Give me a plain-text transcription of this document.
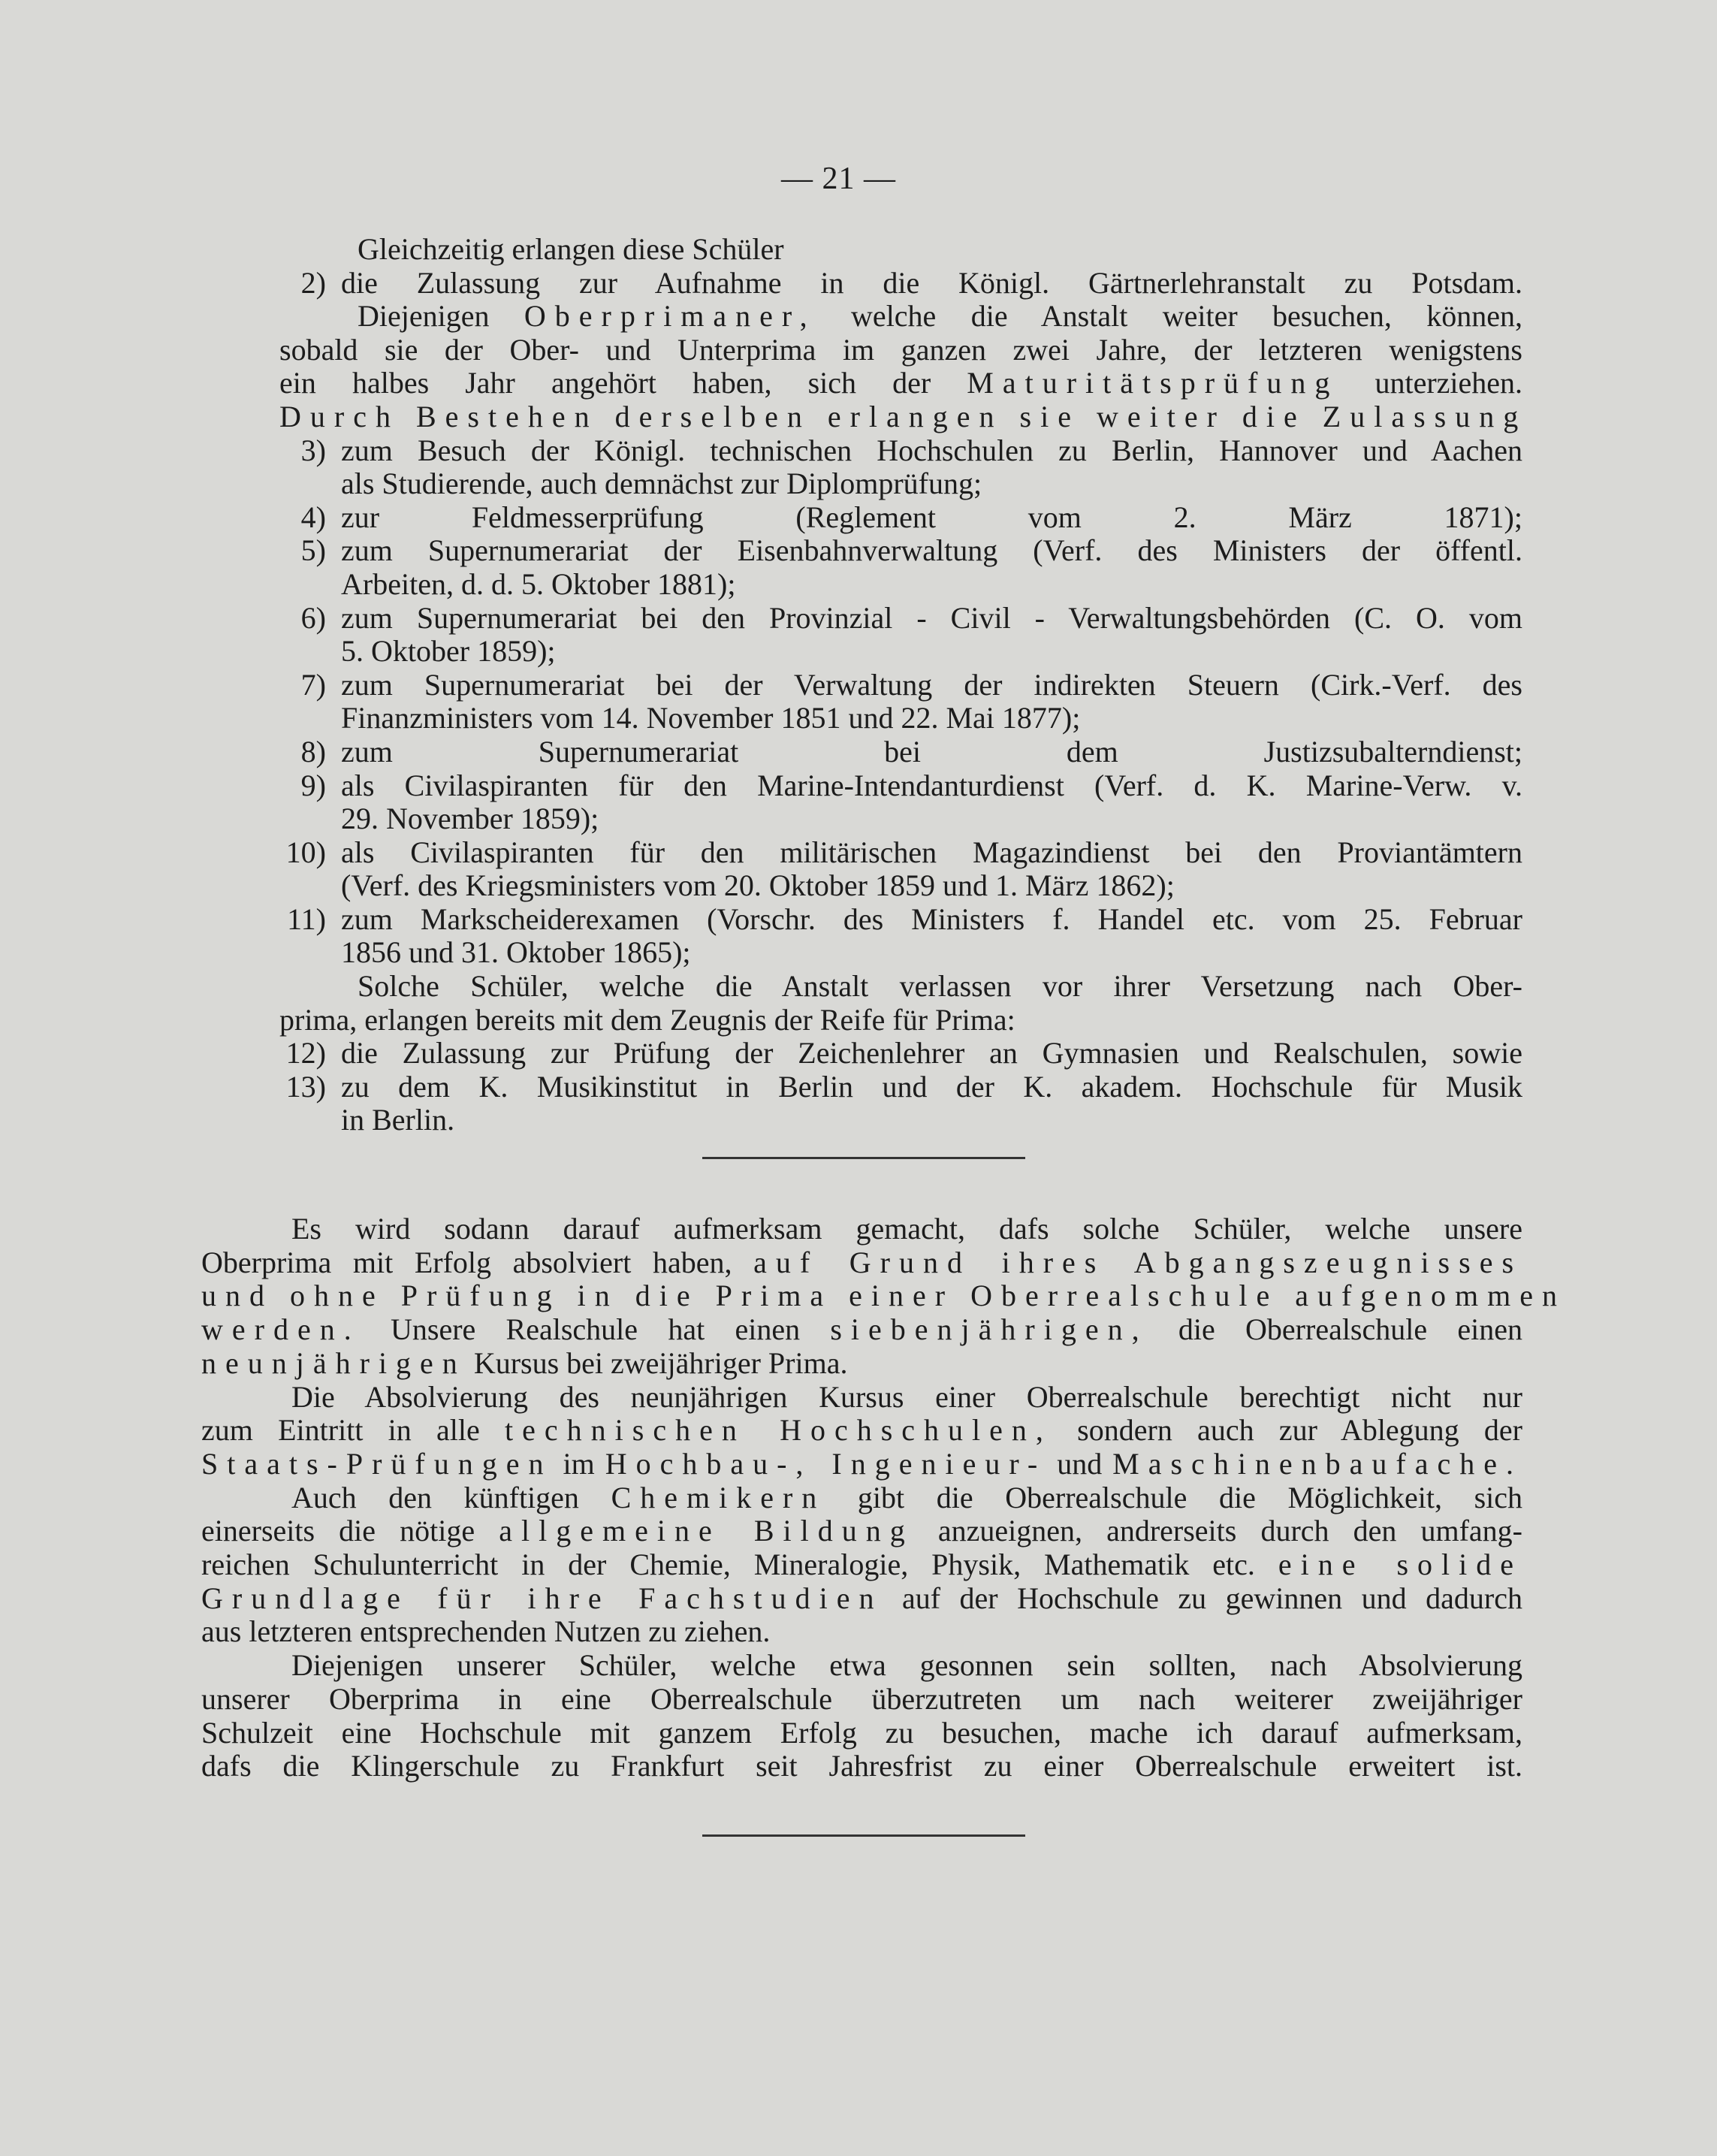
— 21 —
Gleichzeitig erlangen diese Schüler
2) die Zulassung zur Aufnahme in die Königl. Gärtnerlehranstalt zu Potsdam.
Diejenigen Oberprimaner, welche die Anstalt weiter besuchen, können,
sobald sie der Ober- und Unterprima im ganzen zwei Jahre, der letzteren wenigstens
ein halbes Jahr angehört haben, sich der Maturitätsprüfung unterziehen.
Durch Bestehen derselben erlangen sie weiter die Zulassung
3) zum Besuch der Königl. technischen Hochschulen zu Berlin, Hannover und Aachen
als Studierende, auch demnächst zur Diplomprüfung;
4) zur Feldmesserprüfung (Reglement vom 2. März 1871);
5) zum Supernumerariat der Eisenbahnverwaltung (Verf. des Ministers der öffentl.
Arbeiten, d. d. 5. Oktober 1881);
6) zum Supernumerariat bei den Provinzial - Civil - Verwaltungsbehörden (C. O. vom
5. Oktober 1859);
7) zum Supernumerariat bei der Verwaltung der indirekten Steuern (Cirk.-Verf. des
Finanzministers vom 14. November 1851 und 22. Mai 1877);
8) zum Supernumerariat bei dem Justizsubalterndienst;
9) als Civilaspiranten für den Marine-Intendanturdienst (Verf. d. K. Marine-Verw. v.
29. November 1859);
10) als Civilaspiranten für den militärischen Magazindienst bei den Proviantämtern
(Verf. des Kriegsministers vom 20. Oktober 1859 und 1. März 1862);
11) zum Markscheiderexamen (Vorschr. des Ministers f. Handel etc. vom 25. Februar
1856 und 31. Oktober 1865);
Solche Schüler, welche die Anstalt verlassen vor ihrer Versetzung nach Ober-
prima, erlangen bereits mit dem Zeugnis der Reife für Prima:
12) die Zulassung zur Prüfung der Zeichenlehrer an Gymnasien und Realschulen, sowie
13) zu dem K. Musikinstitut in Berlin und der K. akadem. Hochschule für Musik
in Berlin.
Es wird sodann darauf aufmerksam gemacht, dafs solche Schüler, welche unsere
Oberprima mit Erfolg absolviert haben, auf Grund ihres Abgangszeugnisses
und ohne Prüfung in die Prima einer Oberrealschule aufgenommen
werden. Unsere Realschule hat einen siebenjährigen, die Oberrealschule einen
neunjährigen Kursus bei zweijähriger Prima.
Die Absolvierung des neunjährigen Kursus einer Oberrealschule berechtigt nicht nur
zum Eintritt in alle technischen Hochschulen, sondern auch zur Ablegung der
Staats-Prüfungen im Hochbau-, Ingenieur- und Maschinenbaufache.
Auch den künftigen Chemikern gibt die Oberrealschule die Möglichkeit, sich
einerseits die nötige allgemeine Bildung anzueignen, andrerseits durch den umfang-
reichen Schulunterricht in der Chemie, Mineralogie, Physik, Mathematik etc. eine solide
Grundlage für ihre Fachstudien auf der Hochschule zu gewinnen und dadurch
aus letzteren entsprechenden Nutzen zu ziehen.
Diejenigen unserer Schüler, welche etwa gesonnen sein sollten, nach Absolvierung
unserer Oberprima in eine Oberrealschule überzutreten um nach weiterer zweijähriger
Schulzeit eine Hochschule mit ganzem Erfolg zu besuchen, mache ich darauf aufmerksam,
dafs die Klingerschule zu Frankfurt seit Jahresfrist zu einer Oberrealschule erweitert ist.
